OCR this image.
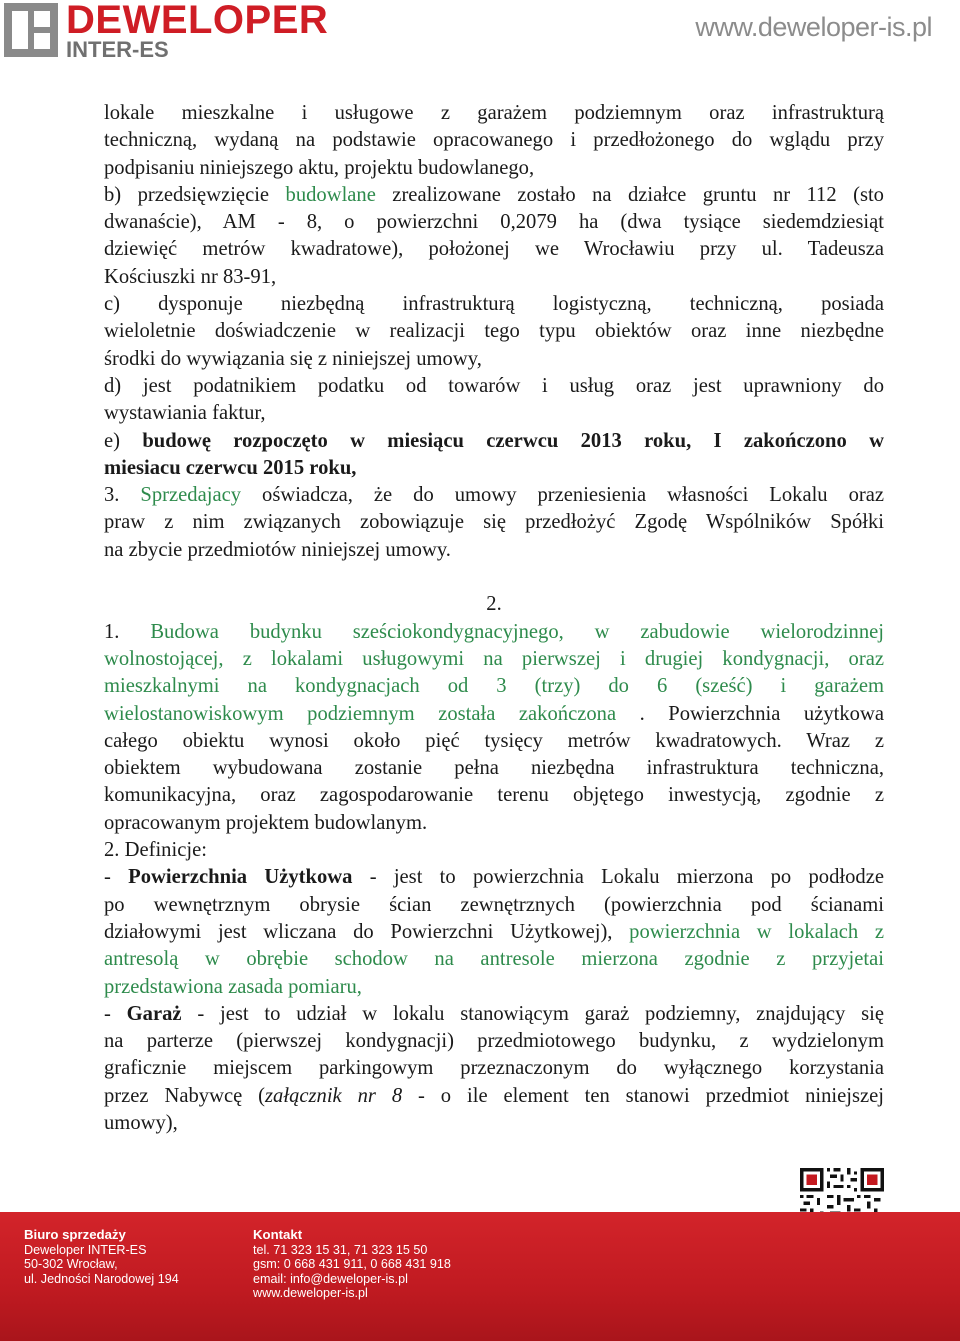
DEWELOPER
INTER-ES
www.deweloper-is.pl

lokale mieszkalne i usługowe z garażem podziemnym oraz infrastrukturą

techniczną, wydaną na podstawie opracowanego i przedłożonego do wglądu przy

podpisaniu niniejszego aktu, projektu budowlanego,

b) przedsięwzięcie budowlane zrealizowane zostało na działce gruntu nr 112 (sto

dwanaście), AM - 8, o powierzchni 0,2079 ha (dwa tysiące siedemdziesiąt

dziewięć metrów kwadratowe), położonej we Wrocławiu przy ul. Tadeusza

Kościuszki nr 83-91,

c) dysponuje niezbędną infrastrukturą logistyczną, techniczną, posiada

wieloletnie doświadczenie w realizacji tego typu obiektów oraz inne niezbędne

środki do wywiązania się z niniejszej umowy,

d) jest podatnikiem podatku od towarów i usług oraz jest uprawniony do

wystawiania faktur,

e) budowę rozpoczęto w miesiącu czerwcu 2013 roku, I zakończono w

miesiacu czerwcu 2015 roku,

3. Sprzedajacy oświadcza, że do umowy przeniesienia własności Lokalu oraz

praw z nim związanych zobowiązuje się przedłożyć Zgodę Wspólników Spółki

na zbycie przedmiotów niniejszej umowy.

2.

1. Budowa budynku sześciokondygnacyjnego, w zabudowie wielorodzinnej

wolnostojącej, z lokalami usługowymi na pierwszej i drugiej kondygnacji, oraz

mieszkalnymi na kondygnacjach od 3 (trzy) do 6 (sześć) i garażem

wielostanowiskowym podziemnym została zakończona . Powierzchnia użytkowa

całego obiektu wynosi około pięć tysięcy metrów kwadratowych. Wraz z

obiektem wybudowana zostanie pełna niezbędna infrastruktura techniczna,

komunikacyjna, oraz zagospodarowanie terenu objętego inwestycją, zgodnie z

opracowanym projektem budowlanym.

2. Definicje:

- Powierzchnia Użytkowa - jest to powierzchnia Lokalu mierzona po podłodze

po wewnętrznym obrysie ścian zewnętrznych (powierzchnia pod ścianami

działowymi jest wliczana do Powierzchni Użytkowej), powierzchnia w lokalach z

antresolą w obrębie schodow na antresole mierzona zgodnie z przyjetai

przedstawiona zasada pomiaru,

- Garaż - jest to udział w lokalu stanowiącym garaż podziemny, znajdujący się

na parterze (pierwszej kondygnacji) przedmiotowego budynku, z wydzielonym

graficznie miejscem parkingowym przeznaczonym do wyłącznego korzystania

przez Nabywcę (załącznik nr 8 - o ile element ten stanowi przedmiot niniejszej

umowy),

Biuro sprzedaży
Deweloper INTER-ES
50-302 Wrocław,
ul. Jedności Narodowej 194
Kontakt
tel. 71 323 15 31, 71 323 15 50
gsm: 0 668 431 911, 0 668 431 918
email: info@deweloper-is.pl
www.deweloper-is.pl
